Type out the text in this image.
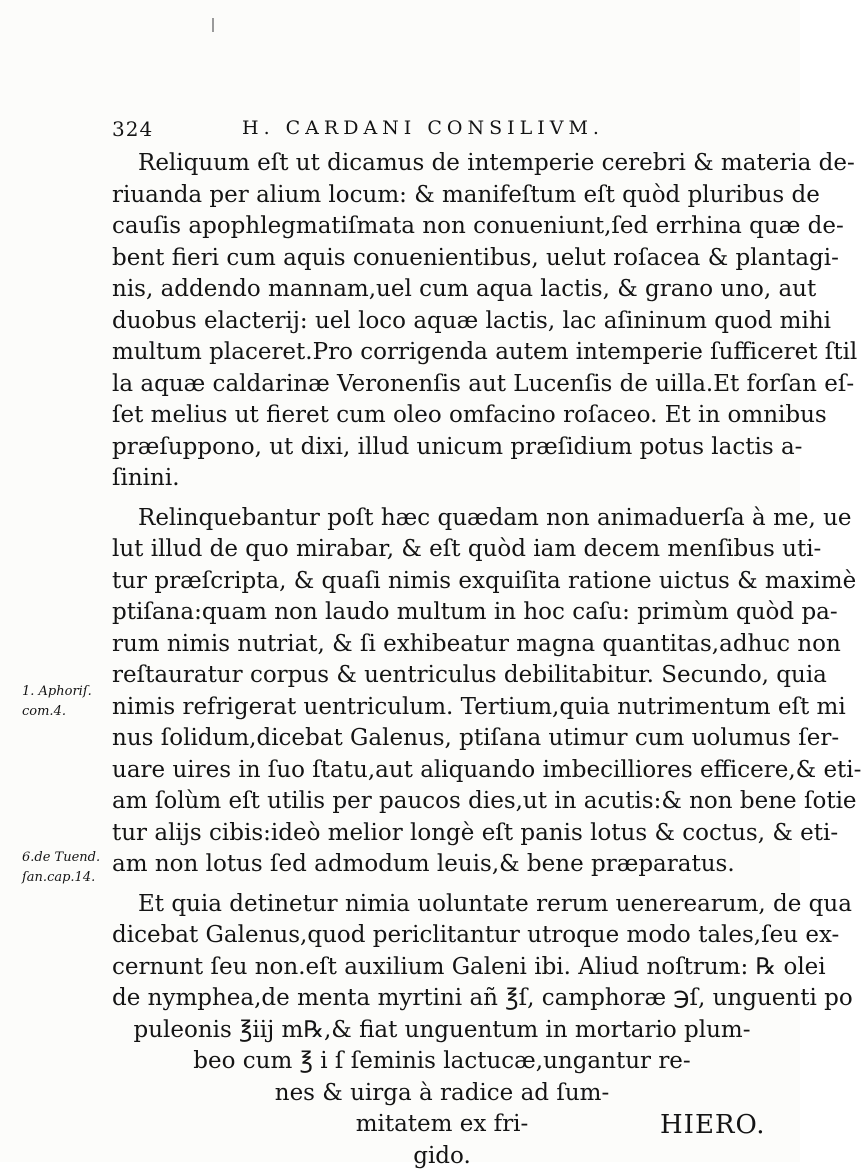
324	H. CARDANI CONSILIVM.
Reliquum eſt ut dicamus de intemperie cerebri & materia de-
riuanda per alium locum: & manifeſtum eſt quòd pluribus de
cauſis apophlegmatiſmata non conueniunt,ſed errhina quæ de-
bent fieri cum aquis conuenientibus, uelut roſacea & plantagi-
nis, addendo mannam,uel cum aqua lactis, & grano uno, aut
duobus elacterij: uel loco aquæ lactis, lac aſininum quod mihi
multum placeret.Pro corrigenda autem intemperie ſufficeret ſtil
la aquæ caldarinæ Veronenſis aut Lucenſis de uilla.Et forſan eſ-
ſet melius ut fieret cum oleo omfacino roſaceo. Et in omnibus
præſuppono, ut dixi, illud unicum præſidium potus lactis a-
ſinini.
Relinquebantur poſt hæc quædam non animaduerſa à me, ue
lut illud de quo mirabar, & eſt quòd iam decem menſibus uti-
tur præſcripta, & quaſi nimis exquiſita ratione uictus & maximè
ptiſana:quam non laudo multum in hoc caſu: primùm quòd pa-
rum nimis nutriat, & ſi exhibeatur magna quantitas,adhuc non
reſtauratur corpus & uentriculus debilitabitur. Secundo, quia
nimis refrigerat uentriculum. Tertium,quia nutrimentum eſt mi
nus ſolidum,dicebat Galenus, ptiſana utimur cum uolumus ſer-
uare uires in ſuo ſtatu,aut aliquando imbecilliores efficere,& eti-
am ſolùm eſt utilis per paucos dies,ut in acutis:& non bene ſotie
tur alijs cibis:ideò melior longè eſt panis lotus & coctus, & eti-
am non lotus ſed admodum leuis,& bene præparatus.
Et quia detinetur nimia uoluntate rerum uenerearum, de qua
dicebat Galenus,quod periclitantur utroque modo tales,ſeu ex-
cernunt ſeu non.eſt auxilium Galeni ibi. Aliud noſtrum: ℞ olei
de nymphea,de menta myrtini añ ℥ſ, camphoræ ℈ſ, unguenti po
puleonis ℥iij m℞,& fiat unguentum in mortario plum-
beo cum ℥ i ſ ſeminis lactucæ,ungantur re-
nes & uirga à radice ad ſum-
mitatem ex fri-
gido.
1. Aphoriſ.
com.4.
6.de Tuend.
ſan.cap.14.
HIERO.
